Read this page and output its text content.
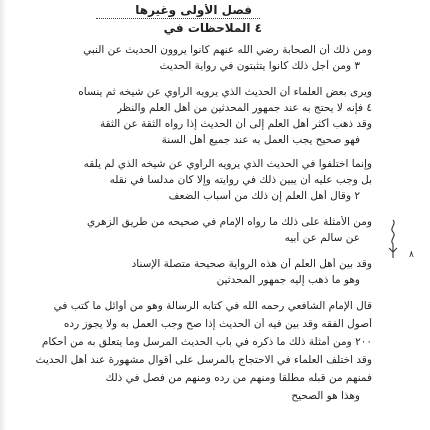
فصل الأولى وغيرها
٤ الملاحظات في
ومن ذلك أن الصحابة رضي الله عنهم كانوا يروون الحديث عن النبي
٣ ومن أجل ذلك كانوا يتثبتون في رواية الحديث
ويرى بعض العلماء أن الحديث الذي يرويه الراوي عن شيخه ثم ينساه
٤ فإنه لا يحتج به عند جمهور المحدثين من أهل العلم والنظر
وقد ذهب أكثر أهل العلم إلى أن الحديث إذا رواه الثقة عن الثقة
فهو صحيح يجب العمل به عند جميع أهل السنة
وإنما اختلفوا في الحديث الذي يرويه الراوي عن شيخه الذي لم يلقه
بل وجب عليه أن يبين ذلك في روايته وإلا كان مدلسا في نقله
٢ وقال أهل العلم إن ذلك من أسباب الضعف
ومن الأمثلة على ذلك ما رواه الإمام في صحيحه من طريق الزهري
عن سالم عن أبيه
وقد بين أهل العلم أن هذه الرواية صحيحة متصلة الإسناد
وهو ما ذهب إليه جمهور المحدثين
قال الإمام الشافعي رحمه الله في كتابه الرسالة وهو من أوائل ما كتب في
أصول الفقه وقد بين فيه أن الحديث إذا صح وجب العمل به ولا يجوز رده
٢٠٠ ومن أمثلة ذلك ما ذكره في باب الحديث المرسل وما يتعلق به من أحكام
وقد اختلف العلماء في الاحتجاج بالمرسل على أقوال مشهورة عند أهل الحديث
فمنهم من قبله مطلقا ومنهم من رده ومنهم من فصل في ذلك
وهذا هو الصحيح
٨
